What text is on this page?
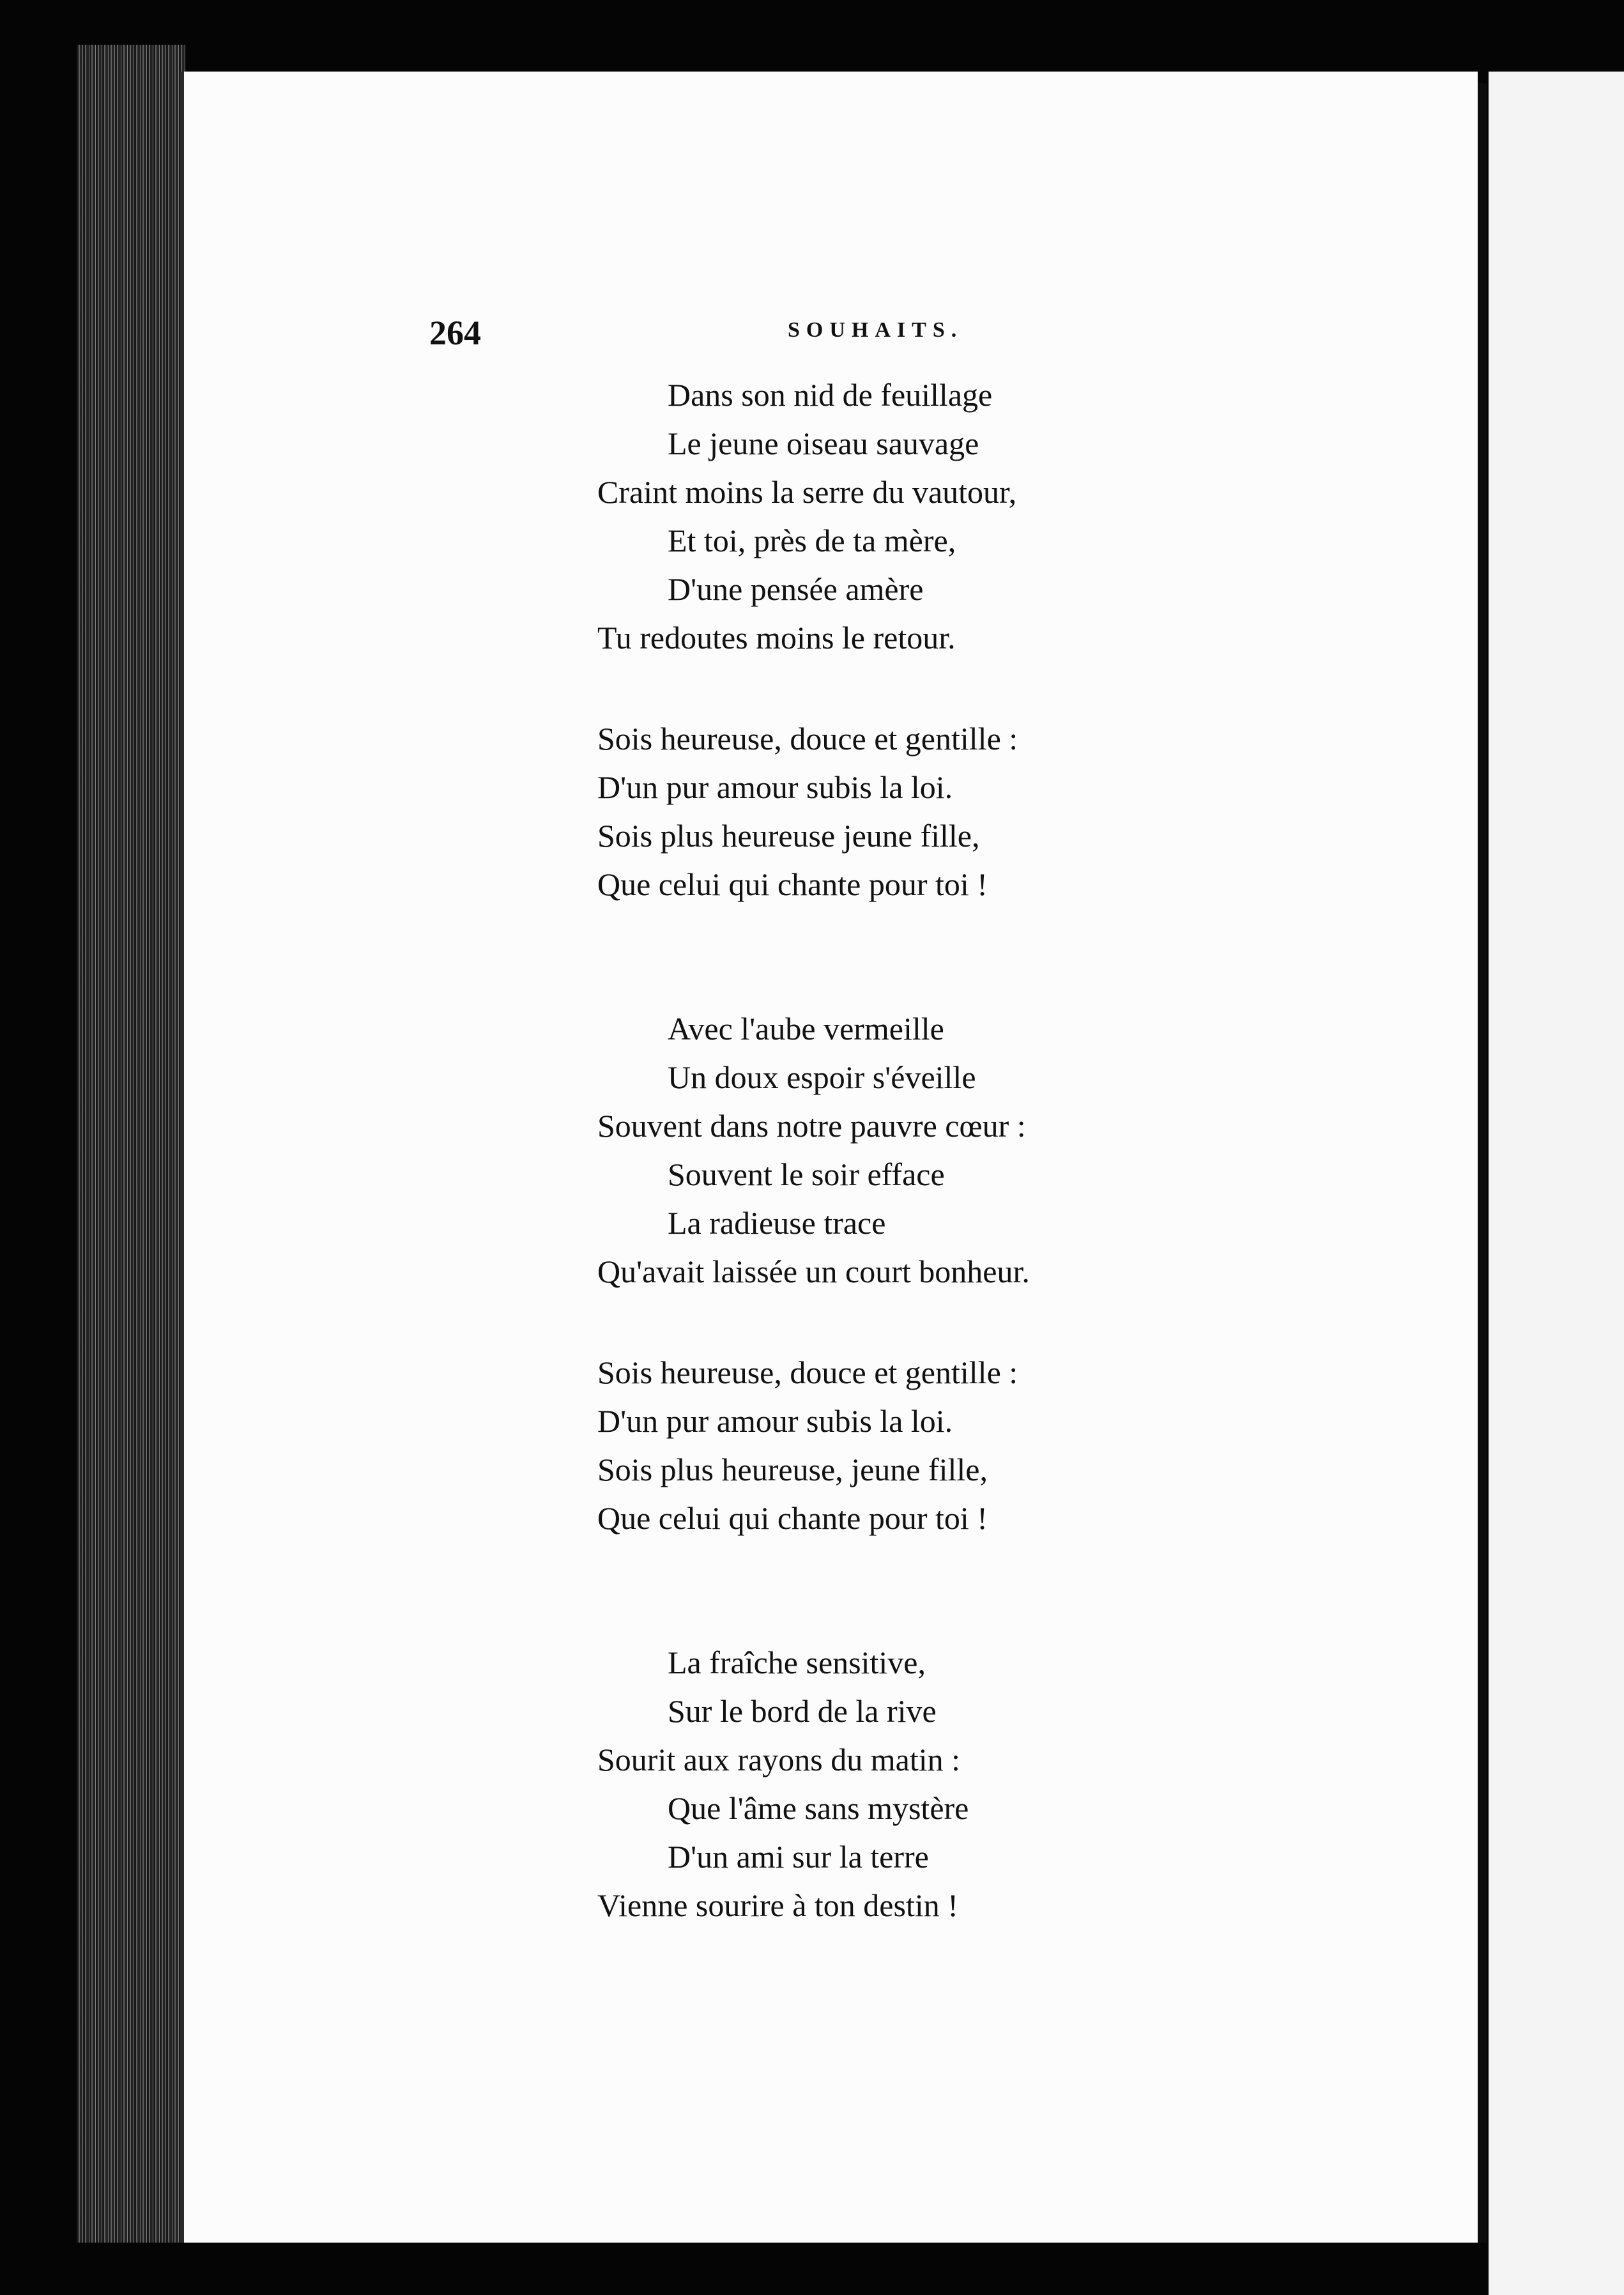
264	SOUHAITS.

Dans son nid de feuillage
Le jeune oiseau sauvage
Craint moins la serre du vautour,
Et toi, près de ta mère,
D'une pensée amère
Tu redoutes moins le retour.

Sois heureuse, douce et gentille :
D'un pur amour subis la loi.
Sois plus heureuse jeune fille,
Que celui qui chante pour toi !

Avec l'aube vermeille
Un doux espoir s'éveille
Souvent dans notre pauvre cœur :
Souvent le soir efface
La radieuse trace
Qu'avait laissée un court bonheur.

Sois heureuse, douce et gentille :
D'un pur amour subis la loi.
Sois plus heureuse, jeune fille,
Que celui qui chante pour toi !

La fraîche sensitive,
Sur le bord de la rive
Sourit aux rayons du matin :
Que l'âme sans mystère
D'un ami sur la terre
Vienne sourire à ton destin !
